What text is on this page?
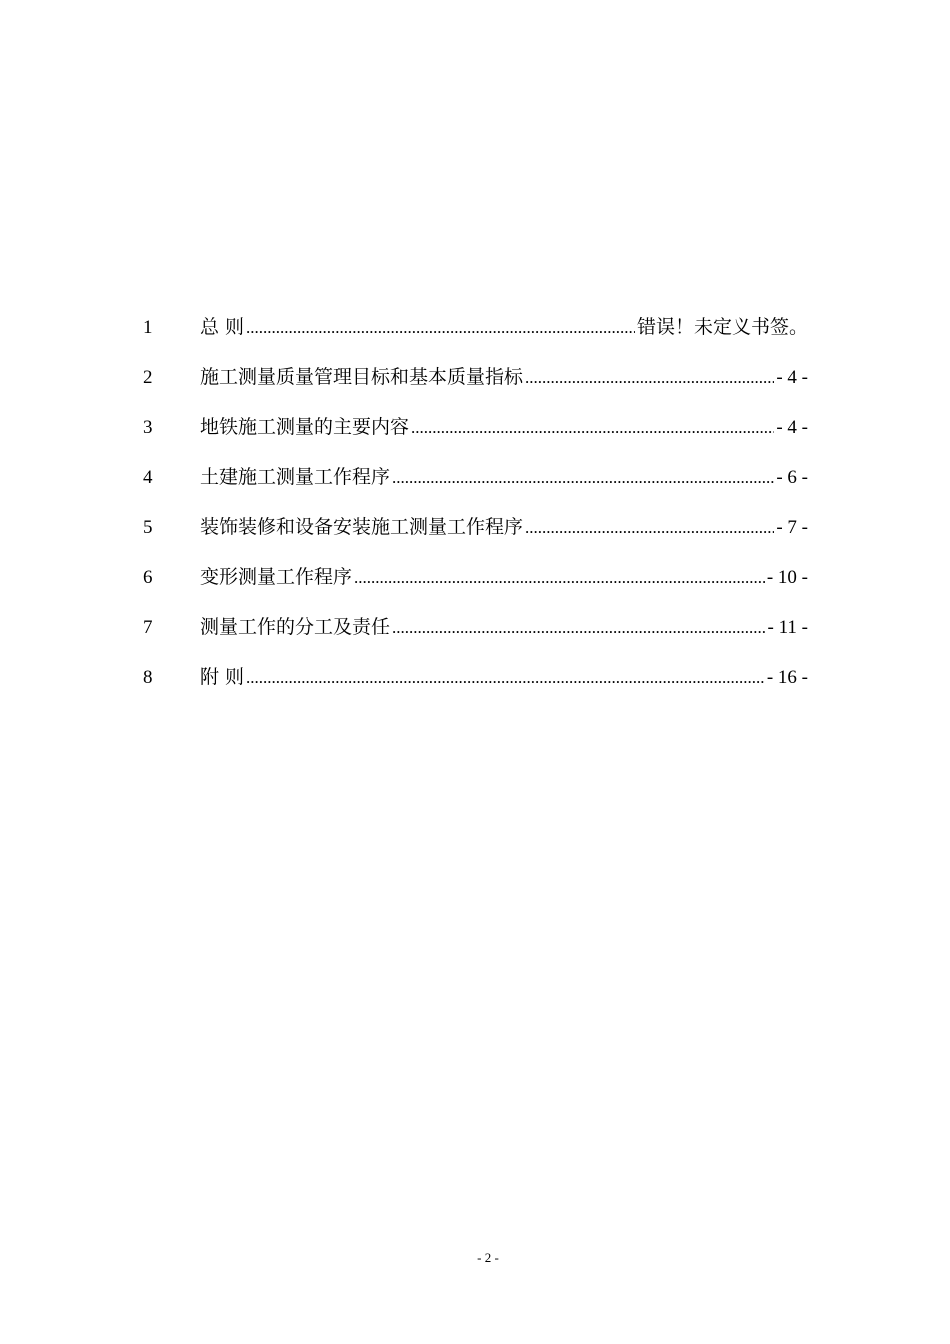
1	总 则 .....	错误！未定义书签。
2	施工测量质量管理目标和基本质量指标 .....	- 4 -
3	地铁施工测量的主要内容 .....	- 4 -
4	土建施工测量工作程序 .....	- 6 -
5	装饰装修和设备安装施工测量工作程序 .....	- 7 -
6	变形测量工作程序 .....	- 10 -
7	测量工作的分工及责任 .....	- 11 -
8	附 则 .....	- 16 -
- 2 -
